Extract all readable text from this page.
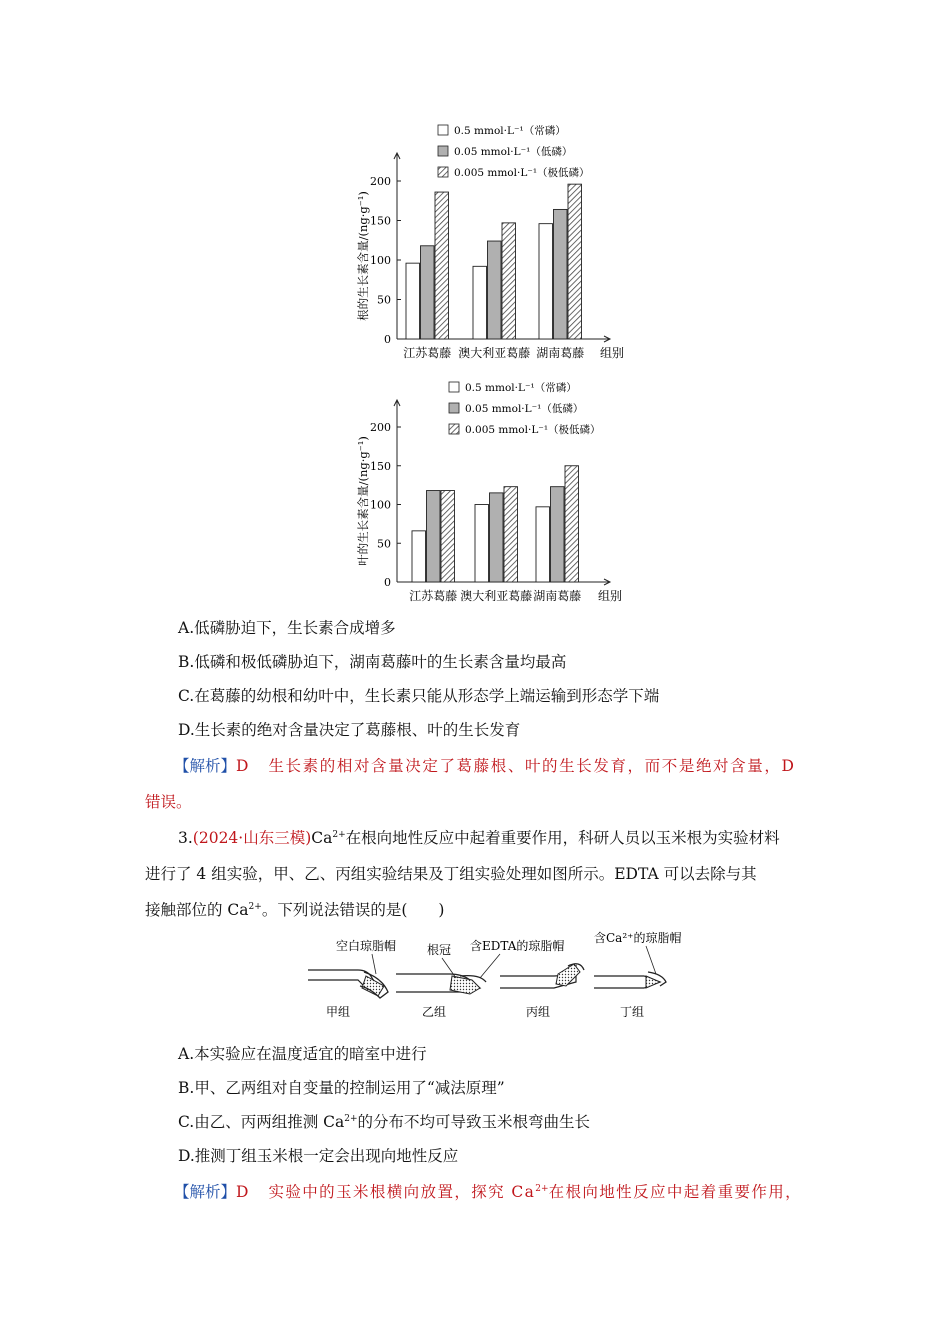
0.5 mmol·L⁻¹（常磷）
0.05 mmol·L⁻¹（低磷）
0.005 mmol·L⁻¹（极低磷）
0
50
100
150
200
根的生长素含量/(ng·g⁻¹)
江苏葛藤 澳大利亚葛藤 湖南葛藤 组别
0.5 mmol·L⁻¹（常磷）
0.05 mmol·L⁻¹（低磷）
0.005 mmol·L⁻¹（极低磷）
0
50
100
150
200
叶的生长素含量/(ng·g⁻¹)
江苏葛藤 澳大利亚葛藤 湖南葛藤 组别
A.低磷胁迫下，生长素合成增多
B.低磷和极低磷胁迫下，湖南葛藤叶的生长素含量均最高
C.在葛藤的幼根和幼叶中，生长素只能从形态学上端运输到形态学下端
D.生长素的绝对含量决定了葛藤根、叶的生长发育
【解析】D 生长素的相对含量决定了葛藤根、叶的生长发育，而不是绝对含量，D
错误。
3.(2024·山东三模)$Ca^{2+}$在根向地性反应中起着重要作用，科研人员以玉米根为实验材料
进行了 4 组实验，甲、乙、丙组实验结果及丁组实验处理如图所示。EDTA 可以去除与其
接触部位的 $Ca^{2+}$。下列说法错误的是(　　)
空白琼脂帽	根冠 含EDTA的琼脂帽
含Ca²⁺的琼脂帽
甲组	乙组	丙组	丁组
A.本实验应在温度适宜的暗室中进行
B.甲、乙两组对自变量的控制运用了“减法原理”
C.由乙、丙两组推测 $Ca^{2+}$的分布不均可导致玉米根弯曲生长
D.推测丁组玉米根一定会出现向地性反应
【解析】D 实验中的玉米根横向放置，探究 $Ca^{2+}$在根向地性反应中起着重要作用，
